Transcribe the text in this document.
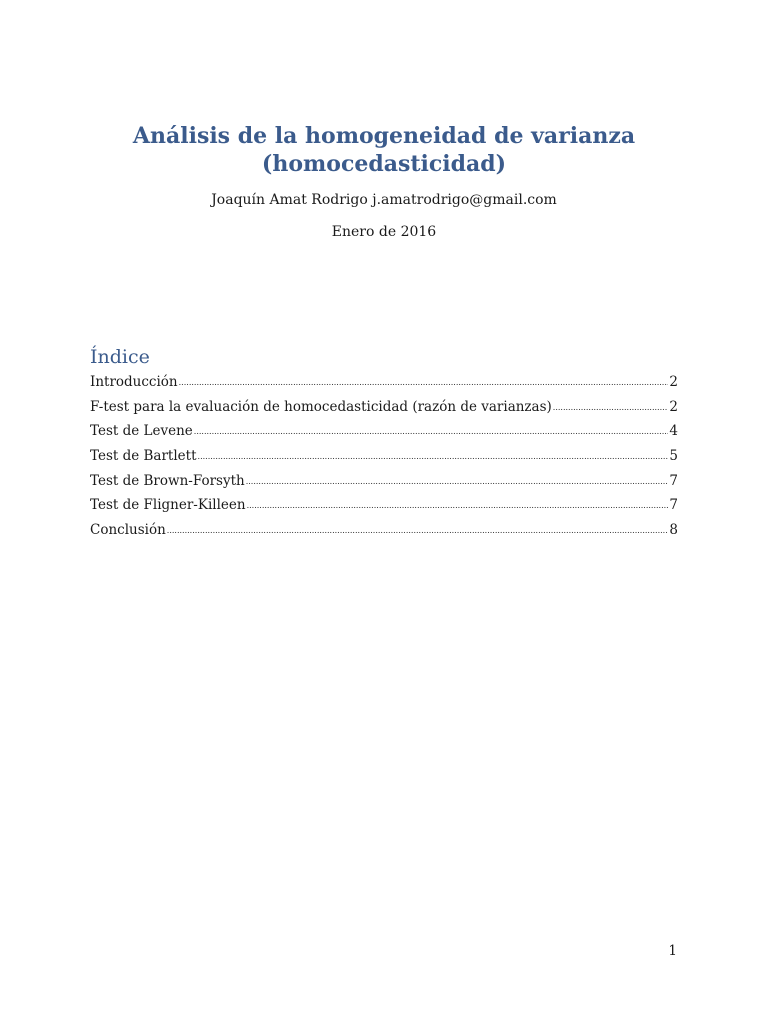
Análisis de la homogeneidad de varianza
(homocedasticidad)

Joaquín Amat Rodrigo j.amatrodrigo@gmail.com

Enero de 2016

Índice
Introducción .....	2
F-test para la evaluación de homocedasticidad (razón de varianzas) .....	2
Test de Levene .....	4
Test de Bartlett .....	5
Test de Brown-Forsyth .....	7
Test de Fligner-Killeen .....	7
Conclusión .....	8

1
